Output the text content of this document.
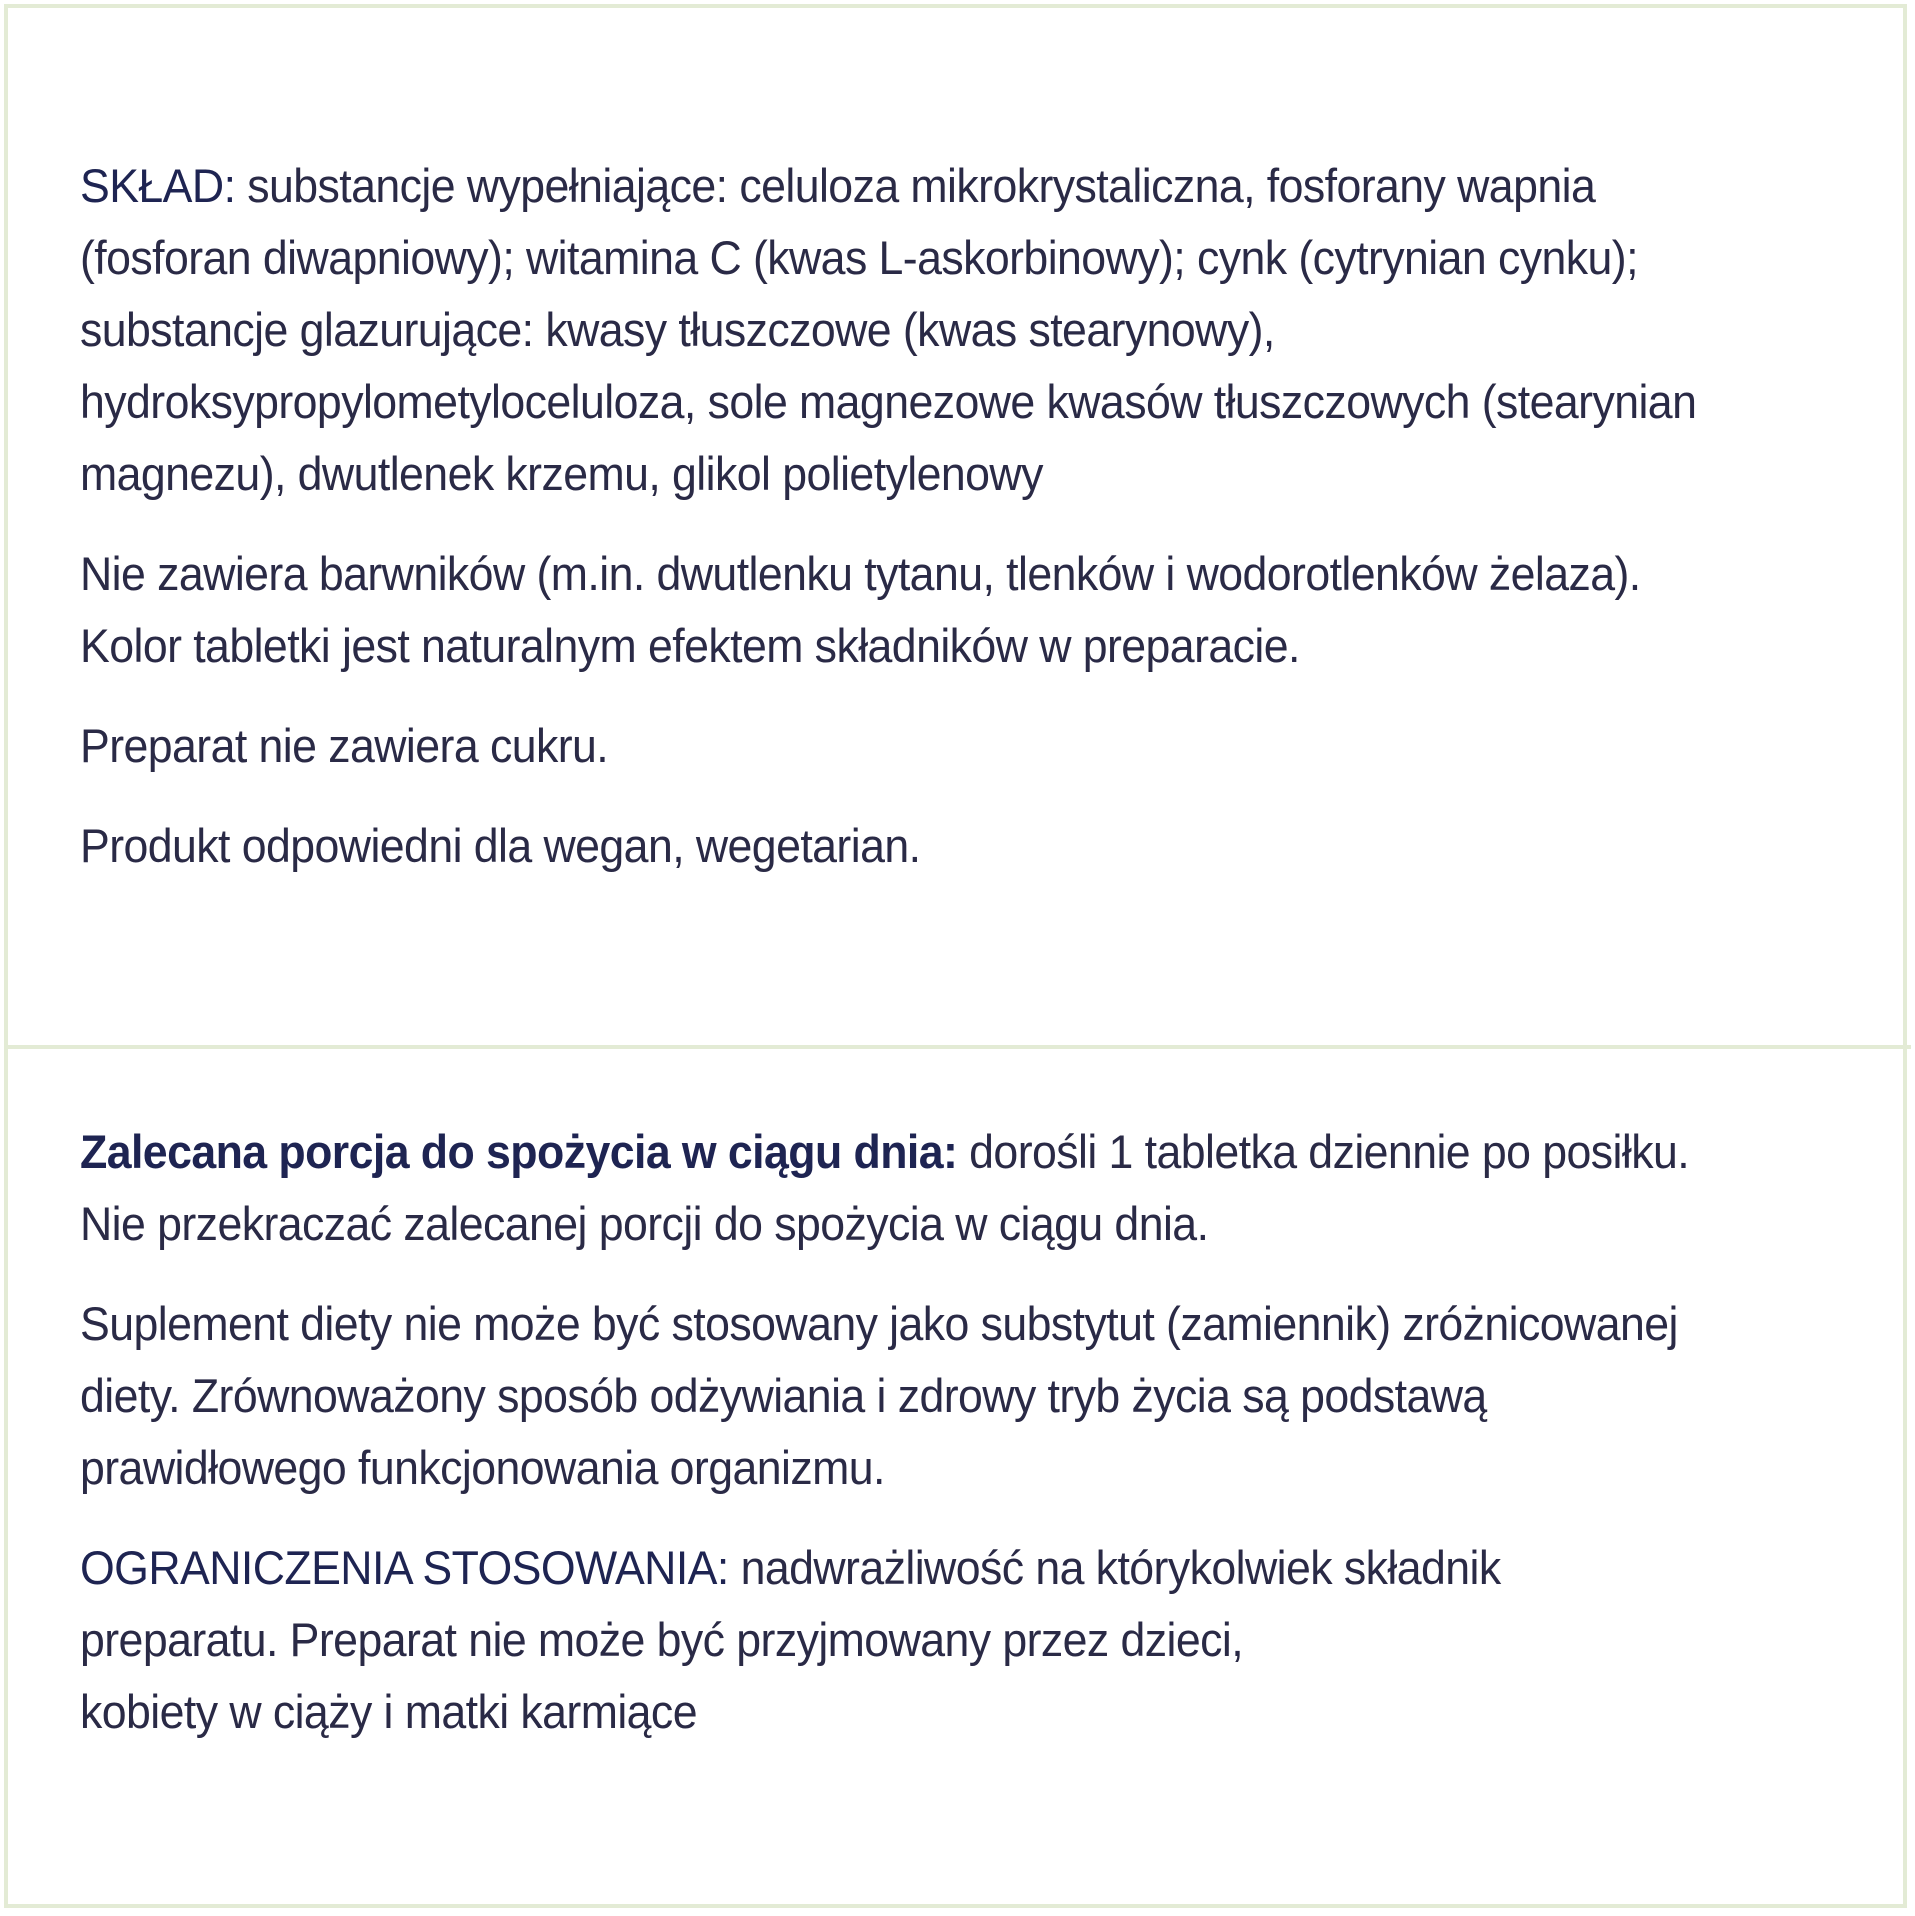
SKŁAD: substancje wypełniające: celuloza mikrokrystaliczna, fosforany wapnia
(fosforan diwapniowy); witamina C (kwas L-askorbinowy); cynk (cytrynian cynku);
substancje glazurujące: kwasy tłuszczowe (kwas stearynowy),
hydroksypropylometyloceluloza, sole magnezowe kwasów tłuszczowych (stearynian
magnezu), dwutlenek krzemu, glikol polietylenowy

Nie zawiera barwników (m.in. dwutlenku tytanu, tlenków i wodorotlenków żelaza).
Kolor tabletki jest naturalnym efektem składników w preparacie.

Preparat nie zawiera cukru.

Produkt odpowiedni dla wegan, wegetarian.

Zalecana porcja do spożycia w ciągu dnia: dorośli 1 tabletka dziennie po posiłku.
Nie przekraczać zalecanej porcji do spożycia w ciągu dnia.

Suplement diety nie może być stosowany jako substytut (zamiennik) zróżnicowanej
diety. Zrównoważony sposób odżywiania i zdrowy tryb życia są podstawą
prawidłowego funkcjonowania organizmu.

OGRANICZENIA STOSOWANIA: nadwrażliwość na którykolwiek składnik
preparatu. Preparat nie może być przyjmowany przez dzieci,
kobiety w ciąży i matki karmiące
